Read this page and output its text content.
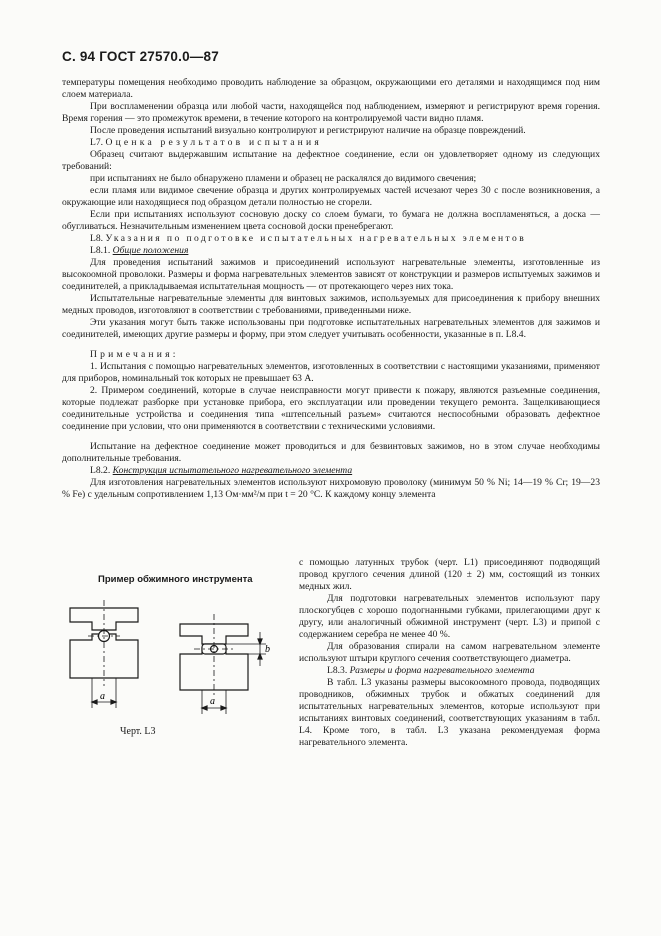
С. 94 ГОСТ 27570.0—87

температуры помещения необходимо проводить наблюдение за образцом, окружающими его деталями и находящимся под ним слоем материала.

При воспламенении образца или любой части, находящейся под наблюдением, измеряют и регистрируют время горения. Время горения — это промежуток времени, в течение которого на контролируемой части видно пламя.

После проведения испытаний визуально контролируют и регистрируют наличие на образце повреждений.

L7. Оценка результатов испытания

Образец считают выдержавшим испытание на дефектное соединение, если он удовлетворяет одному из следующих требований:

при испытаниях не было обнаружено пламени и образец не раскалялся до видимого свечения;

если пламя или видимое свечение образца и других контролируемых частей исчезают через 30 с после возникновения, а окружающие или находящиеся под образцом детали полностью не сгорели.

Если при испытаниях используют сосновую доску со слоем бумаги, то бумага не должна воспламеняться, а доска — обугливаться. Незначительным изменением цвета сосновой доски пренебрегают.

L8. Указания по подготовке испытательных нагревательных элементов

L8.1. Общие положения

Для проведения испытаний зажимов и присоединений используют нагревательные элементы, изготовленные из высокоомной проволоки. Размеры и форма нагревательных элементов зависят от конструкции и размеров испытуемых зажимов и соединителей, а прикладываемая испытательная мощность — от протекающего через них тока.

Испытательные нагревательные элементы для винтовых зажимов, используемых для присоединения к прибору внешних медных проводов, изготовляют в соответствии с требованиями, приведенными ниже.

Эти указания могут быть также использованы при подготовке испытательных нагревательных элементов для зажимов и соединителей, имеющих другие размеры и форму, при этом следует учитывать особенности, указанные в п. L8.4.

Примечания:

1. Испытания с помощью нагревательных элементов, изготовленных в соответствии с настоящими указаниями, применяют для приборов, номинальный ток которых не превышает 63 А.

2. Примером соединений, которые в случае неисправности могут привести к пожару, являются разъемные соединения, которые подлежат разборке при установке прибора, его эксплуатации или проведении текущего ремонта. Защелкивающиеся соединительные устройства и соединения типа «штепсельный разъем» считаются неспособными образовать дефектное соединение при условии, что они применяются в соответствии с техническими условиями.

Испытание на дефектное соединение может проводиться и для безвинтовых зажимов, но в этом случае необходимы дополнительные требования.

L8.2. Конструкция испытательного нагревательного элемента

Для изготовления нагревательных элементов используют нихромовую проволоку (минимум 50 % Ni; 14—19 % Cr; 19—23 % Fe) с удельным сопротивлением 1,13 Ом·мм²/м при t = 20 °С. К каждому концу элемента

Пример обжимного инструмента
a	a
b
Черт. L3

с помощью латунных трубок (черт. L1) присоединяют подводящий провод круглого сечения длиной (120 ± 2) мм, состоящий из тонких медных жил.

Для подготовки нагревательных элементов используют пару плоскогубцев с хорошо подогнанными губками, прилегающими друг к другу, или аналогичный обжимной инструмент (черт. L3) и припой с содержанием серебра не менее 40 %.

Для образования спирали на самом нагревательном элементе используют штыри круглого сечения соответствующего диаметра.

L8.3. Размеры и форма нагревательного элемента

В табл. L3 указаны размеры высокоомного провода, подводящих проводников, обжимных трубок и обжатых соединений для испытательных нагревательных элементов, которые используют при испытаниях винтовых соединений, соответствующих указаниям в табл. L4. Кроме того, в табл. L3 указана рекомендуемая форма нагревательного элемента.
